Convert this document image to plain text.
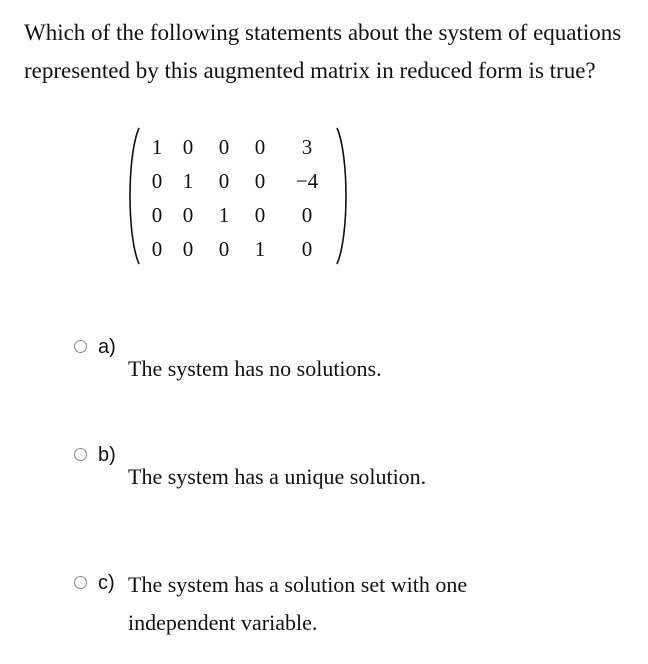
Which of the following statements about the system of equations represented by this augmented matrix in reduced form is true?

1 0	0	0	3
0 1	0	0	−4
0 0	1	0	0
0 0	0	1	0
a)
The system has no solutions.
b)
The system has a unique solution.
c) The system has a solution set with one independent variable.
